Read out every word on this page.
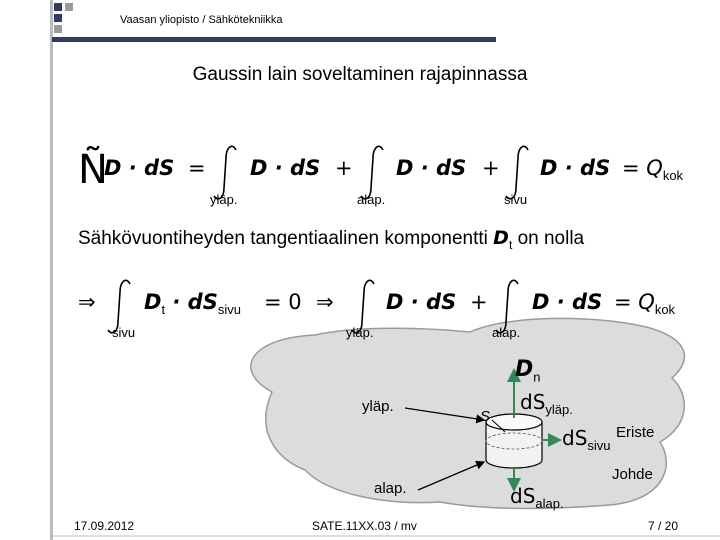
Vaasan yliopisto / Sähkötekniikka
Gaussin lain soveltaminen rajapinnassa
Ñ
D · dS = D · dS + D · dS + D · dS = $Q_{kok}$
yläp.	alap.	sivu
Sähkövuontiheyden tangentiaalinen komponentti $D_t$ on nolla
⇒ $D_t \cdot dS_{sivu} = 0$ ⇒ D · dS + D · dS = $Q_{kok}$
sivu	yläp.	alap.
yläp.
alap.
S
$D_n$
$dS_{yläp.}$
$dS_{sivu}$
$dS_{alap.}$
Eriste
Johde
17.09.2012	SATE.11XX.03 / mv	7 / 20
